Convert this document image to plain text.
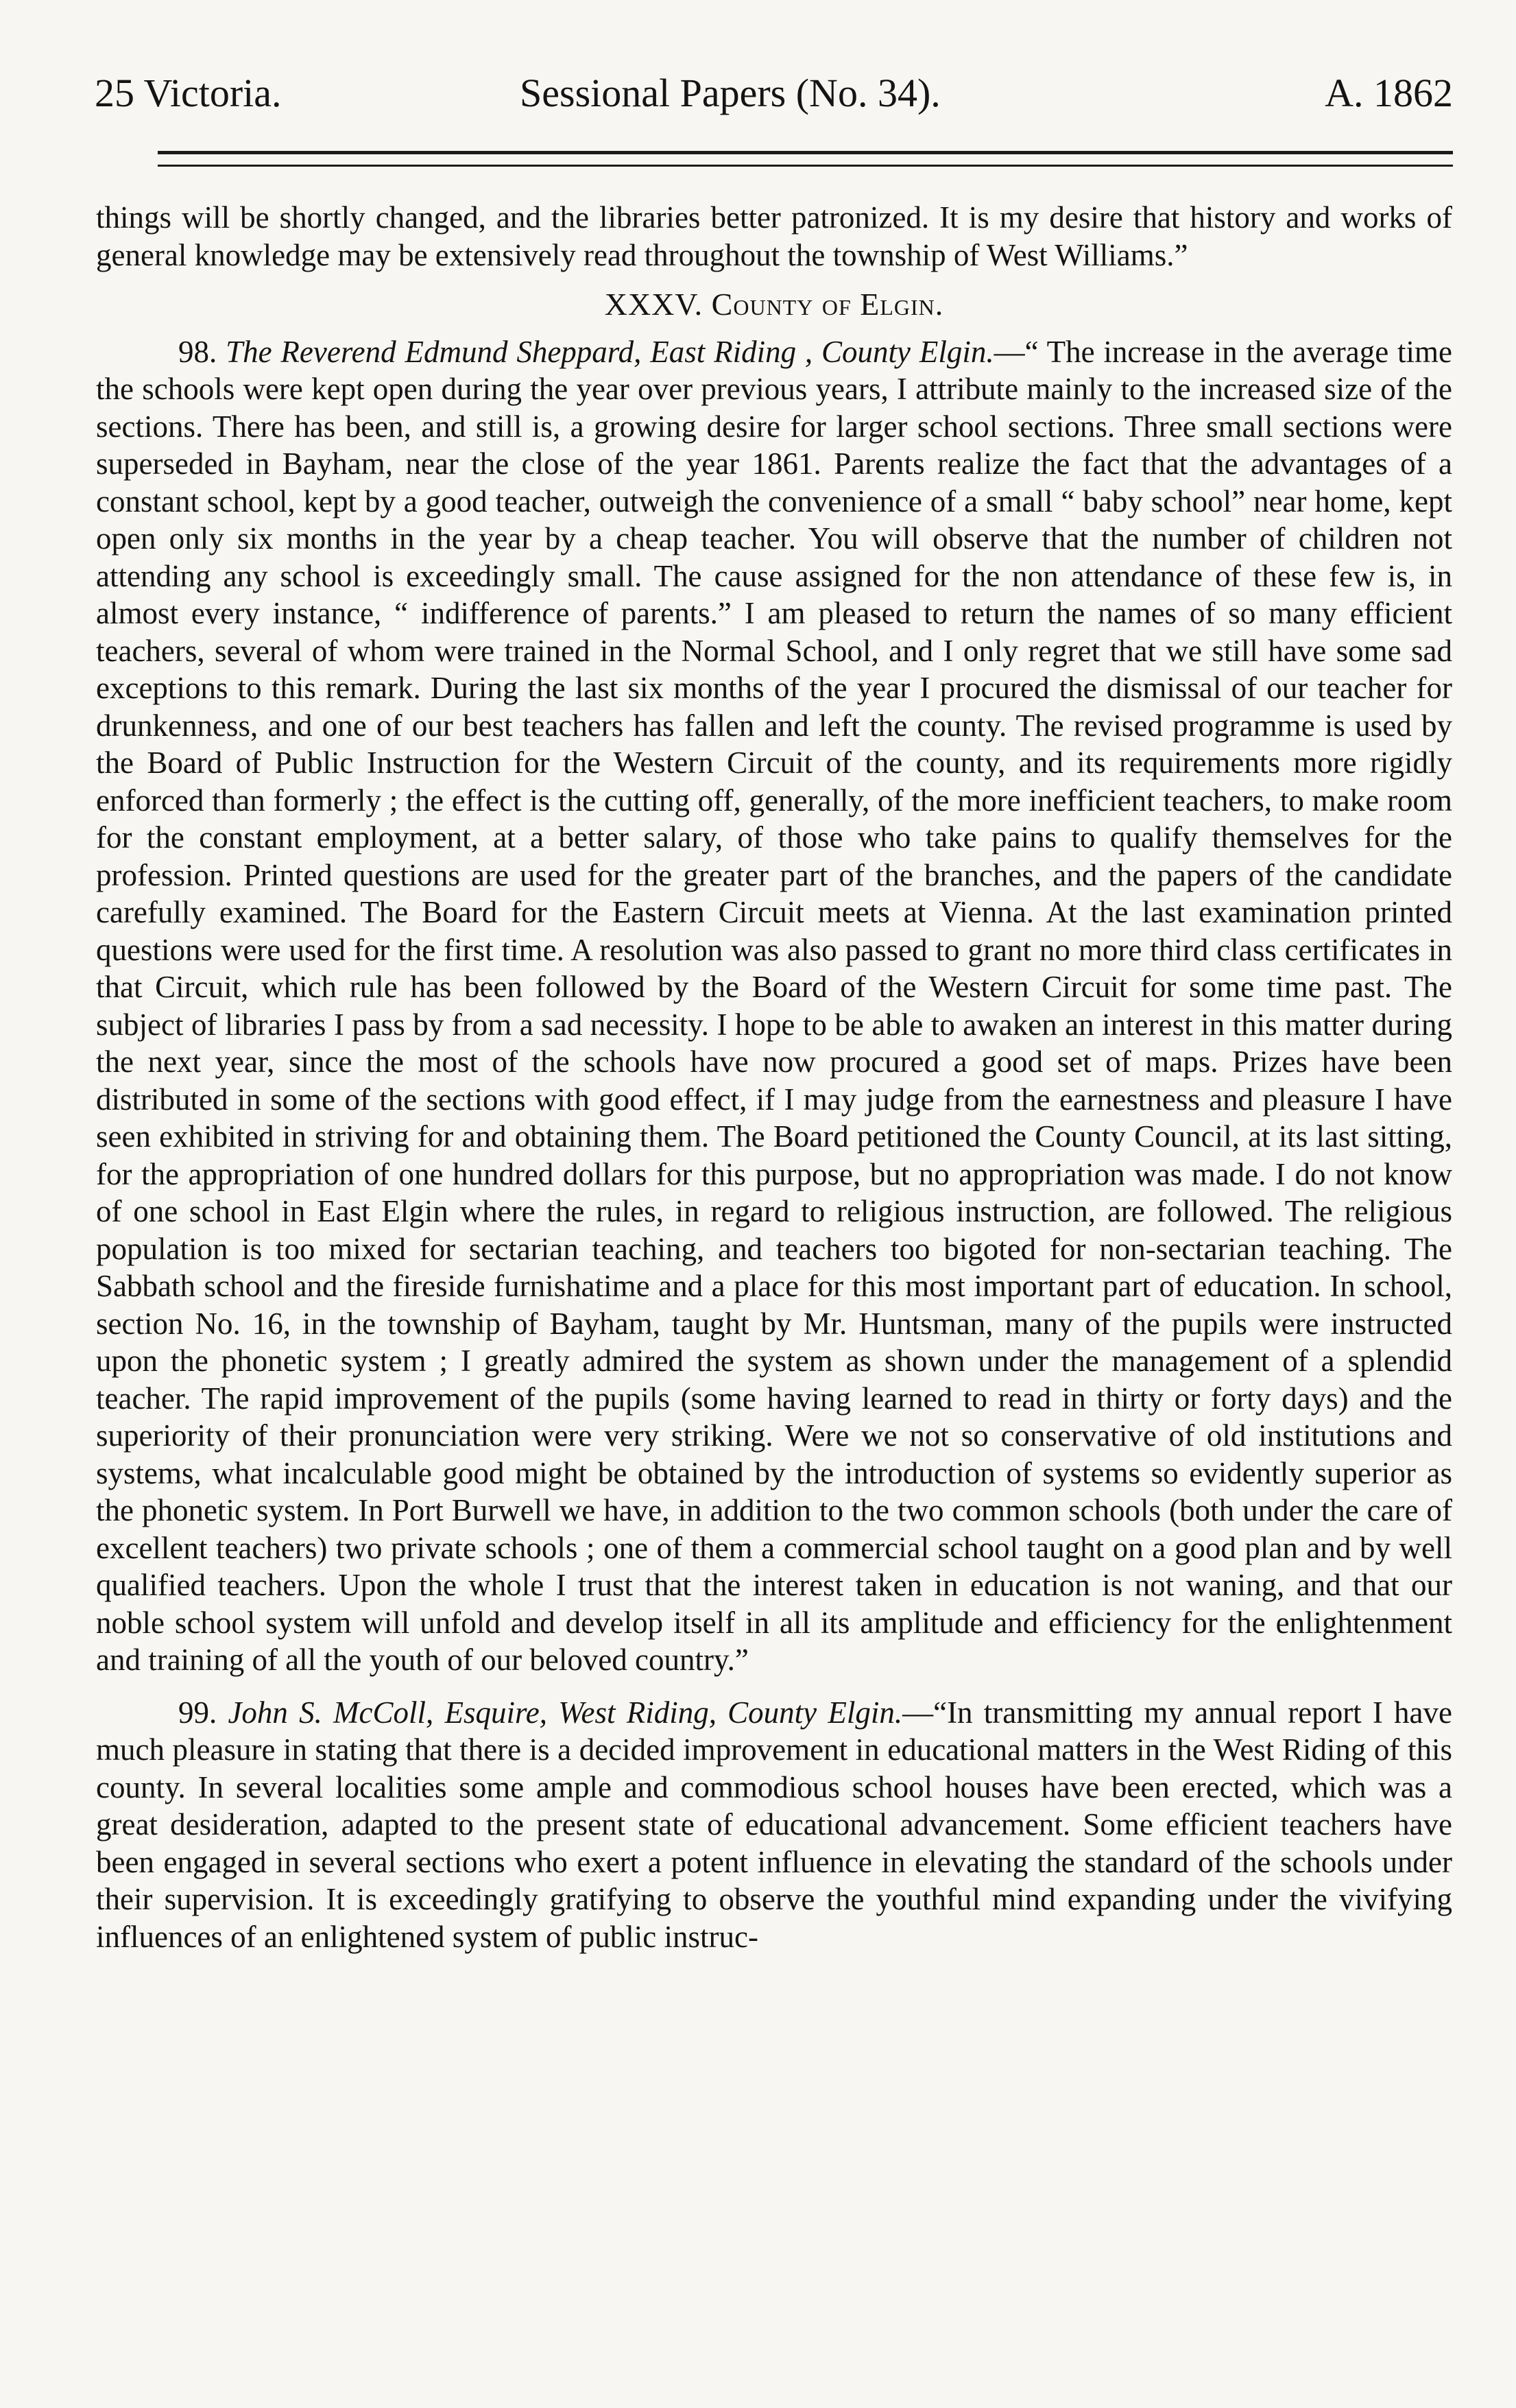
25 Victoria.	Sessional Papers (No. 34).	A. 1862

things will be shortly changed, and the libraries better patronized. It is my desire that history and works of general knowledge may be extensively read throughout the township of West Williams.”

XXXV. County of Elgin.

98. The Reverend Edmund Sheppard, East Riding , County Elgin.—“ The increase in the average time the schools were kept open during the year over previous years, I attribute mainly to the increased size of the sections. There has been, and still is, a growing desire for larger school sections. Three small sections were superseded in Bayham, near the close of the year 1861. Parents realize the fact that the advantages of a constant school, kept by a good teacher, outweigh the convenience of a small “ baby school” near home, kept open only six months in the year by a cheap teacher. You will observe that the number of children not attending any school is exceedingly small. The cause assigned for the non attendance of these few is, in almost every instance, “ indifference of parents.” I am pleased to return the names of so many efficient teachers, several of whom were trained in the Normal School, and I only regret that we still have some sad exceptions to this remark. During the last six months of the year I procured the dismissal of our teacher for drunkenness, and one of our best teachers has fallen and left the county. The revised programme is used by the Board of Public Instruction for the Western Circuit of the county, and its requirements more rigidly enforced than formerly ; the effect is the cutting off, generally, of the more inefficient teachers, to make room for the constant employment, at a better salary, of those who take pains to qualify themselves for the profession. Printed questions are used for the greater part of the branches, and the papers of the candidate carefully examined. The Board for the Eastern Circuit meets at Vienna. At the last examination printed questions were used for the first time. A resolution was also passed to grant no more third class certificates in that Circuit, which rule has been followed by the Board of the Western Circuit for some time past. The subject of libraries I pass by from a sad necessity. I hope to be able to awaken an interest in this matter during the next year, since the most of the schools have now procured a good set of maps. Prizes have been distributed in some of the sections with good effect, if I may judge from the earnestness and pleasure I have seen exhibited in striving for and obtaining them. The Board petitioned the County Council, at its last sitting, for the appropriation of one hundred dollars for this purpose, but no appropriation was made. I do not know of one school in East Elgin where the rules, in regard to religious instruction, are followed. The religious population is too mixed for sectarian teaching, and teachers too bigoted for non-sectarian teaching. The Sabbath school and the fireside furnishatime and a place for this most important part of education. In school, section No. 16, in the township of Bayham, taught by Mr. Huntsman, many of the pupils were instructed upon the phonetic system ; I greatly admired the system as shown under the management of a splendid teacher. The rapid improvement of the pupils (some having learned to read in thirty or forty days) and the superiority of their pronunciation were very striking. Were we not so conservative of old institutions and systems, what incalculable good might be obtained by the introduction of systems so evidently superior as the phonetic system. In Port Burwell we have, in addition to the two common schools (both under the care of excellent teachers) two private schools ; one of them a commercial school taught on a good plan and by well qualified teachers. Upon the whole I trust that the interest taken in education is not waning, and that our noble school system will unfold and develop itself in all its amplitude and efficiency for the enlightenment and training of all the youth of our beloved country.”

99. John S. McColl, Esquire, West Riding, County Elgin.—“In transmitting my annual report I have much pleasure in stating that there is a decided improvement in educational matters in the West Riding of this county. In several localities some ample and commodious school houses have been erected, which was a great desideration, adapted to the present state of educational advancement. Some efficient teachers have been engaged in several sections who exert a potent influence in elevating the standard of the schools under their supervision. It is exceedingly gratifying to observe the youthful mind expanding under the vivifying influences of an enlightened system of public instruc-
